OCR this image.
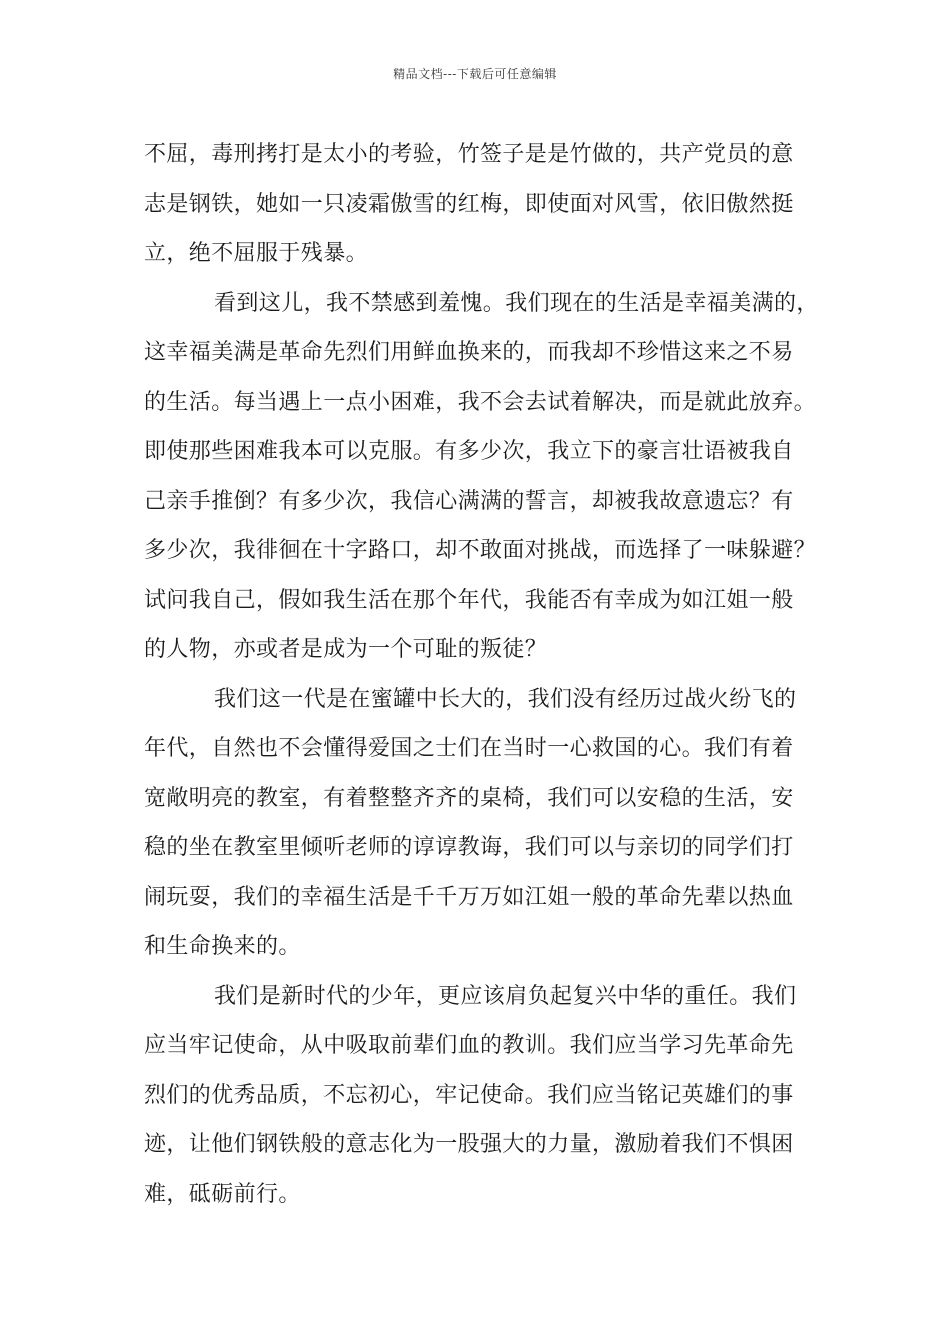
精品文档---下载后可任意编辑
不屈，毒刑拷打是太小的考验，竹签子是是竹做的，共产党员的意
志是钢铁，她如一只凌霜傲雪的红梅，即使面对风雪，依旧傲然挺
立，绝不屈服于残暴。
看到这儿，我不禁感到羞愧。我们现在的生活是幸福美满的，
这幸福美满是革命先烈们用鲜血换来的，而我却不珍惜这来之不易
的生活。每当遇上一点小困难，我不会去试着解决，而是就此放弃。
即使那些困难我本可以克服。有多少次，我立下的豪言壮语被我自
己亲手推倒？有多少次，我信心满满的誓言，却被我故意遗忘？有
多少次，我徘徊在十字路口，却不敢面对挑战，而选择了一味躲避？
试问我自己，假如我生活在那个年代，我能否有幸成为如江姐一般
的人物，亦或者是成为一个可耻的叛徒？
我们这一代是在蜜罐中长大的，我们没有经历过战火纷飞的
年代，自然也不会懂得爱国之士们在当时一心救国的心。我们有着
宽敞明亮的教室，有着整整齐齐的桌椅，我们可以安稳的生活，安
稳的坐在教室里倾听老师的谆谆教诲，我们可以与亲切的同学们打
闹玩耍，我们的幸福生活是千千万万如江姐一般的革命先辈以热血
和生命换来的。
我们是新时代的少年，更应该肩负起复兴中华的重任。我们
应当牢记使命，从中吸取前辈们血的教训。我们应当学习先革命先
烈们的优秀品质，不忘初心，牢记使命。我们应当铭记英雄们的事
迹，让他们钢铁般的意志化为一股强大的力量，激励着我们不惧困
难，砥砺前行。
